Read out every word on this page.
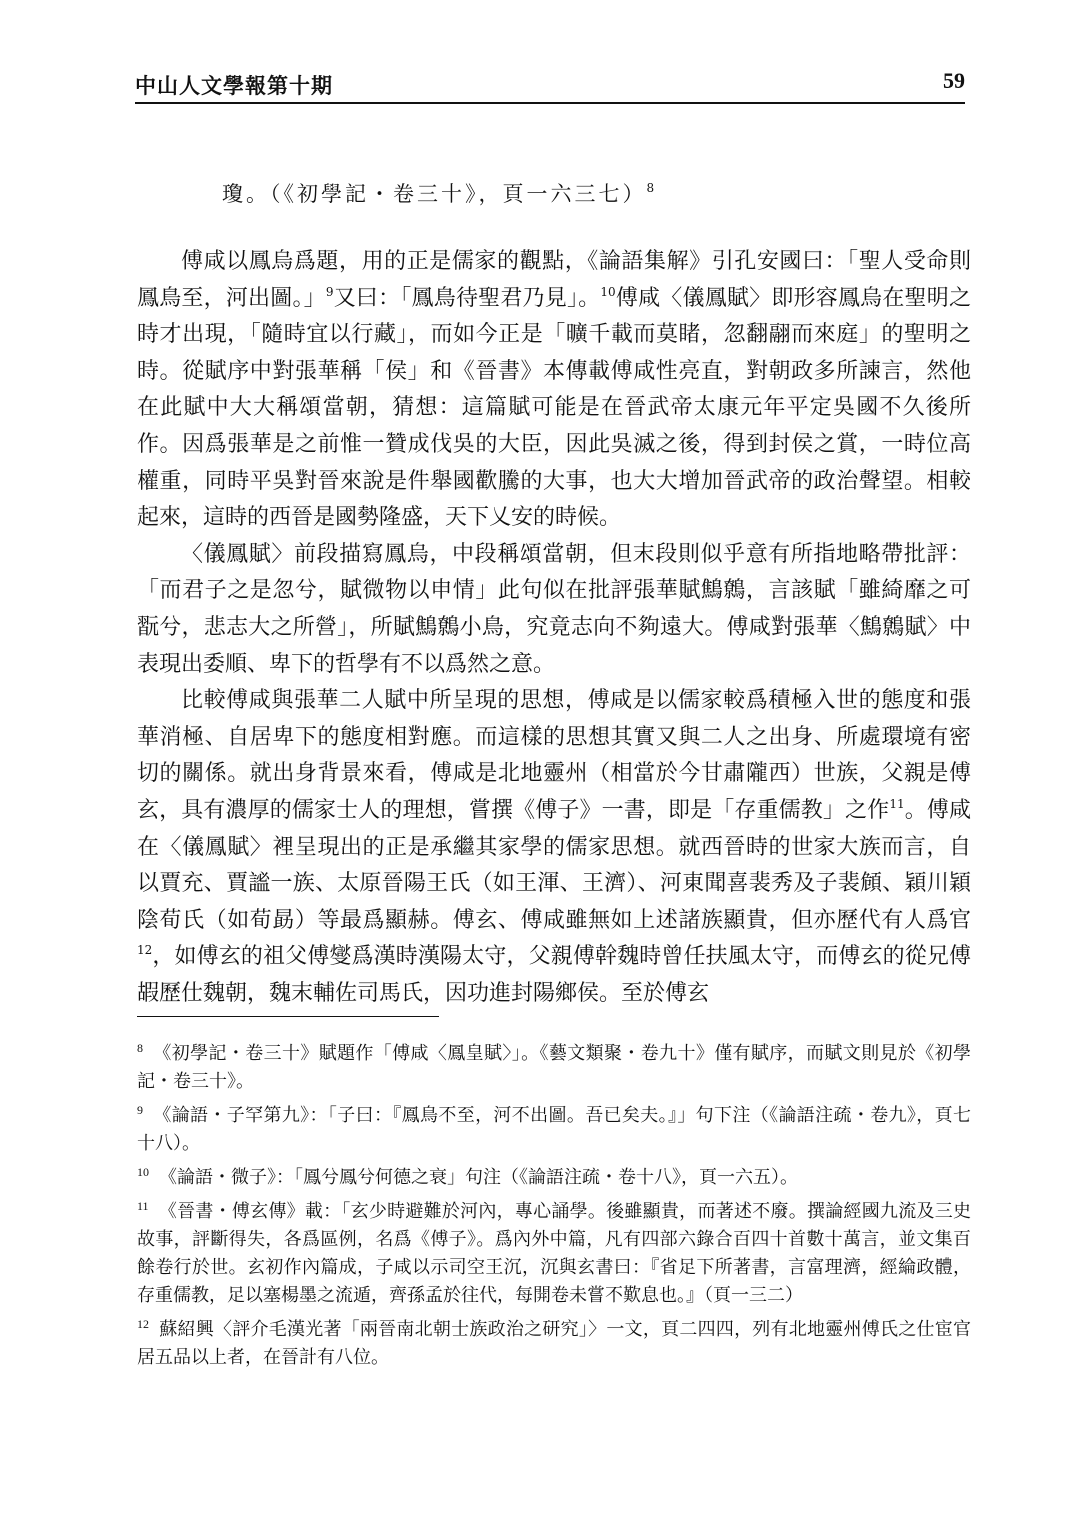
中山人文學報第十期	59
瓊。（《初學記・卷三十》，頁一六三七）$^8$

傅咸以鳳烏爲題，用的正是儒家的觀點，《論語集解》引孔安國曰：「聖人受命則鳳鳥至，河出圖。」$^9$又曰：「鳳鳥待聖君乃見」。$^{10}$傅咸〈儀鳳賦〉即形容鳳烏在聖明之時才出現，「隨時宜以行藏」，而如今正是「曠千載而莫睹，忽翻翮而來庭」的聖明之時。從賦序中對張華稱「侯」和《晉書》本傳載傅咸性亮直，對朝政多所諫言，然他在此賦中大大稱頌當朝，猜想：這篇賦可能是在晉武帝太康元年平定吳國不久後所作。因爲張華是之前惟一贊成伐吳的大臣，因此吳滅之後，得到封侯之賞，一時位高權重，同時平吳對晉來說是件舉國歡騰的大事，也大大增加晉武帝的政治聲望。相較起來，這時的西晉是國勢隆盛，天下乂安的時候。

〈儀鳳賦〉前段描寫鳳烏，中段稱頌當朝，但末段則似乎意有所指地略帶批評：「而君子之是忽兮，賦微物以申情」此句似在批評張華賦鷦鷯，言該賦「雖綺靡之可翫兮，悲志大之所營」，所賦鷦鷯小鳥，究竟志向不夠遠大。傅咸對張華〈鷦鷯賦〉中表現出委順、卑下的哲學有不以爲然之意。

比較傅咸與張華二人賦中所呈現的思想，傅咸是以儒家較爲積極入世的態度和張華消極、自居卑下的態度相對應。而這樣的思想其實又與二人之出身、所處環境有密切的關係。就出身背景來看，傅咸是北地靈州（相當於今甘肅隴西）世族，父親是傅玄，具有濃厚的儒家士人的理想，嘗撰《傅子》一書，即是「存重儒教」之作$^{11}$。傅咸在〈儀鳳賦〉裡呈現出的正是承繼其家學的儒家思想。就西晉時的世家大族而言，自以賈充、賈謐一族、太原晉陽王氏（如王渾、王濟）、河東聞喜裴秀及子裴頠、穎川穎陰荀氏（如荀勗）等最爲顯赫。傅玄、傅咸雖無如上述諸族顯貴，但亦歷代有人爲官$^{12}$，如傅玄的祖父傅燮爲漢時漢陽太守，父親傅幹魏時曾任扶風太守，而傅玄的從兄傅嘏歷仕魏朝，魏末輔佐司馬氏，因功進封陽鄉侯。至於傅玄

$^8$ 《初學記・卷三十》賦題作「傅咸〈鳳皇賦〉」。《藝文類聚・卷九十》僅有賦序，而賦文則見於《初學記・卷三十》。
$^9$ 《論語・子罕第九》：「子曰：『鳳鳥不至，河不出圖。吾已矣夫。』」句下注（《論語注疏・卷九》，頁七十八）。
$^{10}$ 《論語・微子》：「鳳兮鳳兮何德之衰」句注（《論語注疏・卷十八》，頁一六五）。
$^{11}$ 《晉書・傅玄傳》載：「玄少時避難於河內，專心誦學。後雖顯貴，而著述不廢。撰論經國九流及三史故事，評斷得失，各爲區例，名爲《傅子》。爲內外中篇，凡有四部六錄合百四十首數十萬言，並文集百餘卷行於世。玄初作內篇成，子咸以示司空王沉，沉與玄書曰：『省足下所著書，言富理濟，經綸政體，存重儒教，足以塞楊墨之流遁，齊孫孟於往代，每開卷未嘗不歎息也。』（頁一三二）
$^{12}$ 蘇紹興〈評介毛漢光著「兩晉南北朝士族政治之研究」〉一文，頁二四四，列有北地靈州傅氏之仕宦官居五品以上者，在晉計有八位。
